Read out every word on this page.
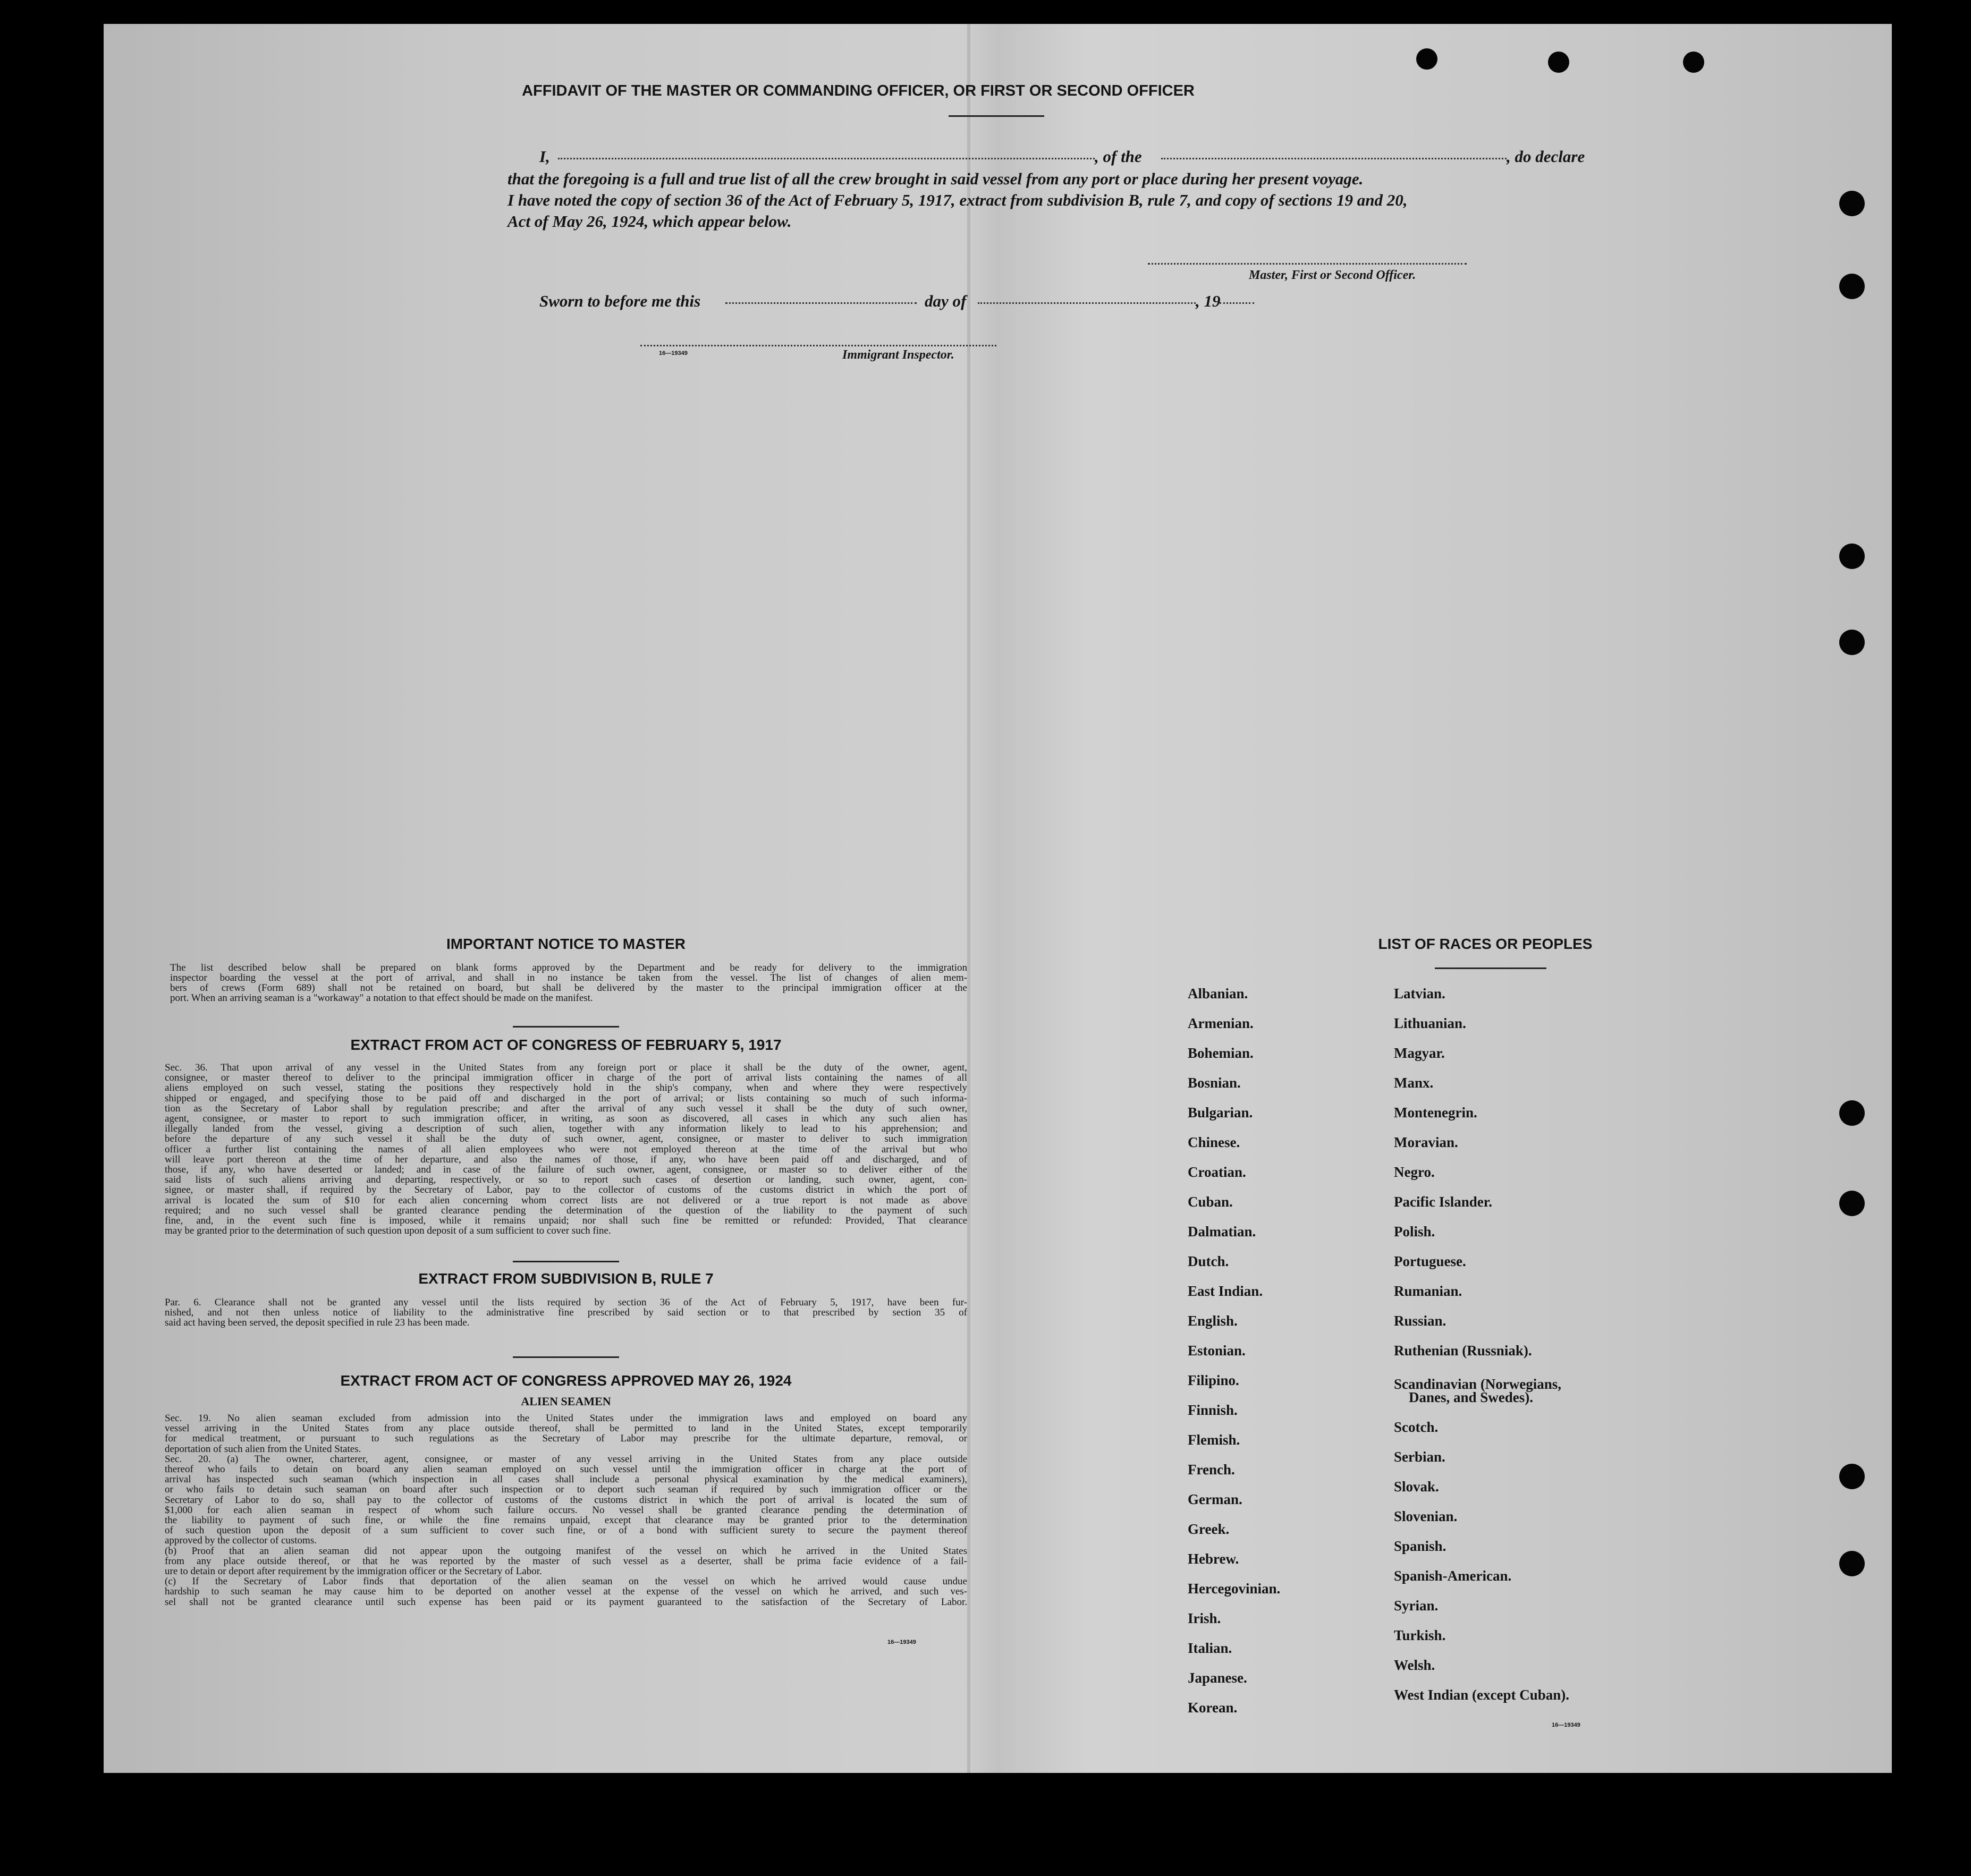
AFFIDAVIT OF THE MASTER OR COMMANDING OFFICER, OR FIRST OR SECOND OFFICER
I,	, of the	, do declare
that the foregoing is a full and true list of all the crew brought in said vessel from any port or place during her present voyage.
I have noted the copy of section 36 of the Act of February 5, 1917, extract from subdivision B, rule 7, and copy of sections 19 and 20,
Act of May 26, 1924, which appear below.
Master, First or Second Officer.
Sworn to before me this	day of	, 19
16—19349	Immigrant Inspector.
IMPORTANT NOTICE TO MASTER
The list described below shall be prepared on blank forms approved by the Department and be ready for delivery to the immigration
inspector boarding the vessel at the port of arrival, and shall in no instance be taken from the vessel. The list of changes of alien mem-
bers of crews (Form 689) shall not be retained on board, but shall be delivered by the master to the principal immigration officer at the
port. When an arriving seaman is a "workaway" a notation to that effect should be made on the manifest.
EXTRACT FROM ACT OF CONGRESS OF FEBRUARY 5, 1917
Sec. 36. That upon arrival of any vessel in the United States from any foreign port or place it shall be the duty of the owner, agent,
consignee, or master thereof to deliver to the principal immigration officer in charge of the port of arrival lists containing the names of all
aliens employed on such vessel, stating the positions they respectively hold in the ship's company, when and where they were respectively
shipped or engaged, and specifying those to be paid off and discharged in the port of arrival; or lists containing so much of such informa-
tion as the Secretary of Labor shall by regulation prescribe; and after the arrival of any such vessel it shall be the duty of such owner,
agent, consignee, or master to report to such immigration officer, in writing, as soon as discovered, all cases in which any such alien has
illegally landed from the vessel, giving a description of such alien, together with any information likely to lead to his apprehension; and
before the departure of any such vessel it shall be the duty of such owner, agent, consignee, or master to deliver to such immigration
officer a further list containing the names of all alien employees who were not employed thereon at the time of the arrival but who
will leave port thereon at the time of her departure, and also the names of those, if any, who have been paid off and discharged, and of
those, if any, who have deserted or landed; and in case of the failure of such owner, agent, consignee, or master so to deliver either of the
said lists of such aliens arriving and departing, respectively, or so to report such cases of desertion or landing, such owner, agent, con-
signee, or master shall, if required by the Secretary of Labor, pay to the collector of customs of the customs district in which the port of
arrival is located the sum of $10 for each alien concerning whom correct lists are not delivered or a true report is not made as above
required; and no such vessel shall be granted clearance pending the determination of the question of the liability to the payment of such
fine, and, in the event such fine is imposed, while it remains unpaid; nor shall such fine be remitted or refunded: Provided, That clearance
may be granted prior to the determination of such question upon deposit of a sum sufficient to cover such fine.
EXTRACT FROM SUBDIVISION B, RULE 7
Par. 6. Clearance shall not be granted any vessel until the lists required by section 36 of the Act of February 5, 1917, have been fur-
nished, and not then unless notice of liability to the administrative fine prescribed by said section or to that prescribed by section 35 of
said act having been served, the deposit specified in rule 23 has been made.
EXTRACT FROM ACT OF CONGRESS APPROVED MAY 26, 1924
ALIEN SEAMEN
Sec. 19. No alien seaman excluded from admission into the United States under the immigration laws and employed on board any
vessel arriving in the United States from any place outside thereof, shall be permitted to land in the United States, except temporarily
for medical treatment, or pursuant to such regulations as the Secretary of Labor may prescribe for the ultimate departure, removal, or
deportation of such alien from the United States.
Sec. 20. (a) The owner, charterer, agent, consignee, or master of any vessel arriving in the United States from any place outside
thereof who fails to detain on board any alien seaman employed on such vessel until the immigration officer in charge at the port of
arrival has inspected such seaman (which inspection in all cases shall include a personal physical examination by the medical examiners),
or who fails to detain such seaman on board after such inspection or to deport such seaman if required by such immigration officer or the
Secretary of Labor to do so, shall pay to the collector of customs of the customs district in which the port of arrival is located the sum of
$1,000 for each alien seaman in respect of whom such failure occurs. No vessel shall be granted clearance pending the determination of
the liability to payment of such fine, or while the fine remains unpaid, except that clearance may be granted prior to the determination
of such question upon the deposit of a sum sufficient to cover such fine, or of a bond with sufficient surety to secure the payment thereof
approved by the collector of customs.
(b) Proof that an alien seaman did not appear upon the outgoing manifest of the vessel on which he arrived in the United States
from any place outside thereof, or that he was reported by the master of such vessel as a deserter, shall be prima facie evidence of a fail-
ure to detain or deport after requirement by the immigration officer or the Secretary of Labor.
(c) If the Secretary of Labor finds that deportation of the alien seaman on the vessel on which he arrived would cause undue
hardship to such seaman he may cause him to be deported on another vessel at the expense of the vessel on which he arrived, and such ves-
sel shall not be granted clearance until such expense has been paid or its payment guaranteed to the satisfaction of the Secretary of Labor.
16—19349
LIST OF RACES OR PEOPLES
Albanian.
Armenian.
Bohemian.
Bosnian.
Bulgarian.
Chinese.
Croatian.
Cuban.
Dalmatian.
Dutch.
East Indian.
English.
Estonian.
Filipino.
Finnish.
Flemish.
French.
German.
Greek.
Hebrew.
Hercegovinian.
Irish.
Italian.
Japanese.
Korean.
Latvian.
Lithuanian.
Magyar.
Manx.
Montenegrin.
Moravian.
Negro.
Pacific Islander.
Polish.
Portuguese.
Rumanian.
Russian.
Ruthenian (Russniak).
Scandinavian (Norwegians,
Danes, and Swedes).
Scotch.
Serbian.
Slovak.
Slovenian.
Spanish.
Spanish-American.
Syrian.
Turkish.
Welsh.
West Indian (except Cuban).
16—19349
